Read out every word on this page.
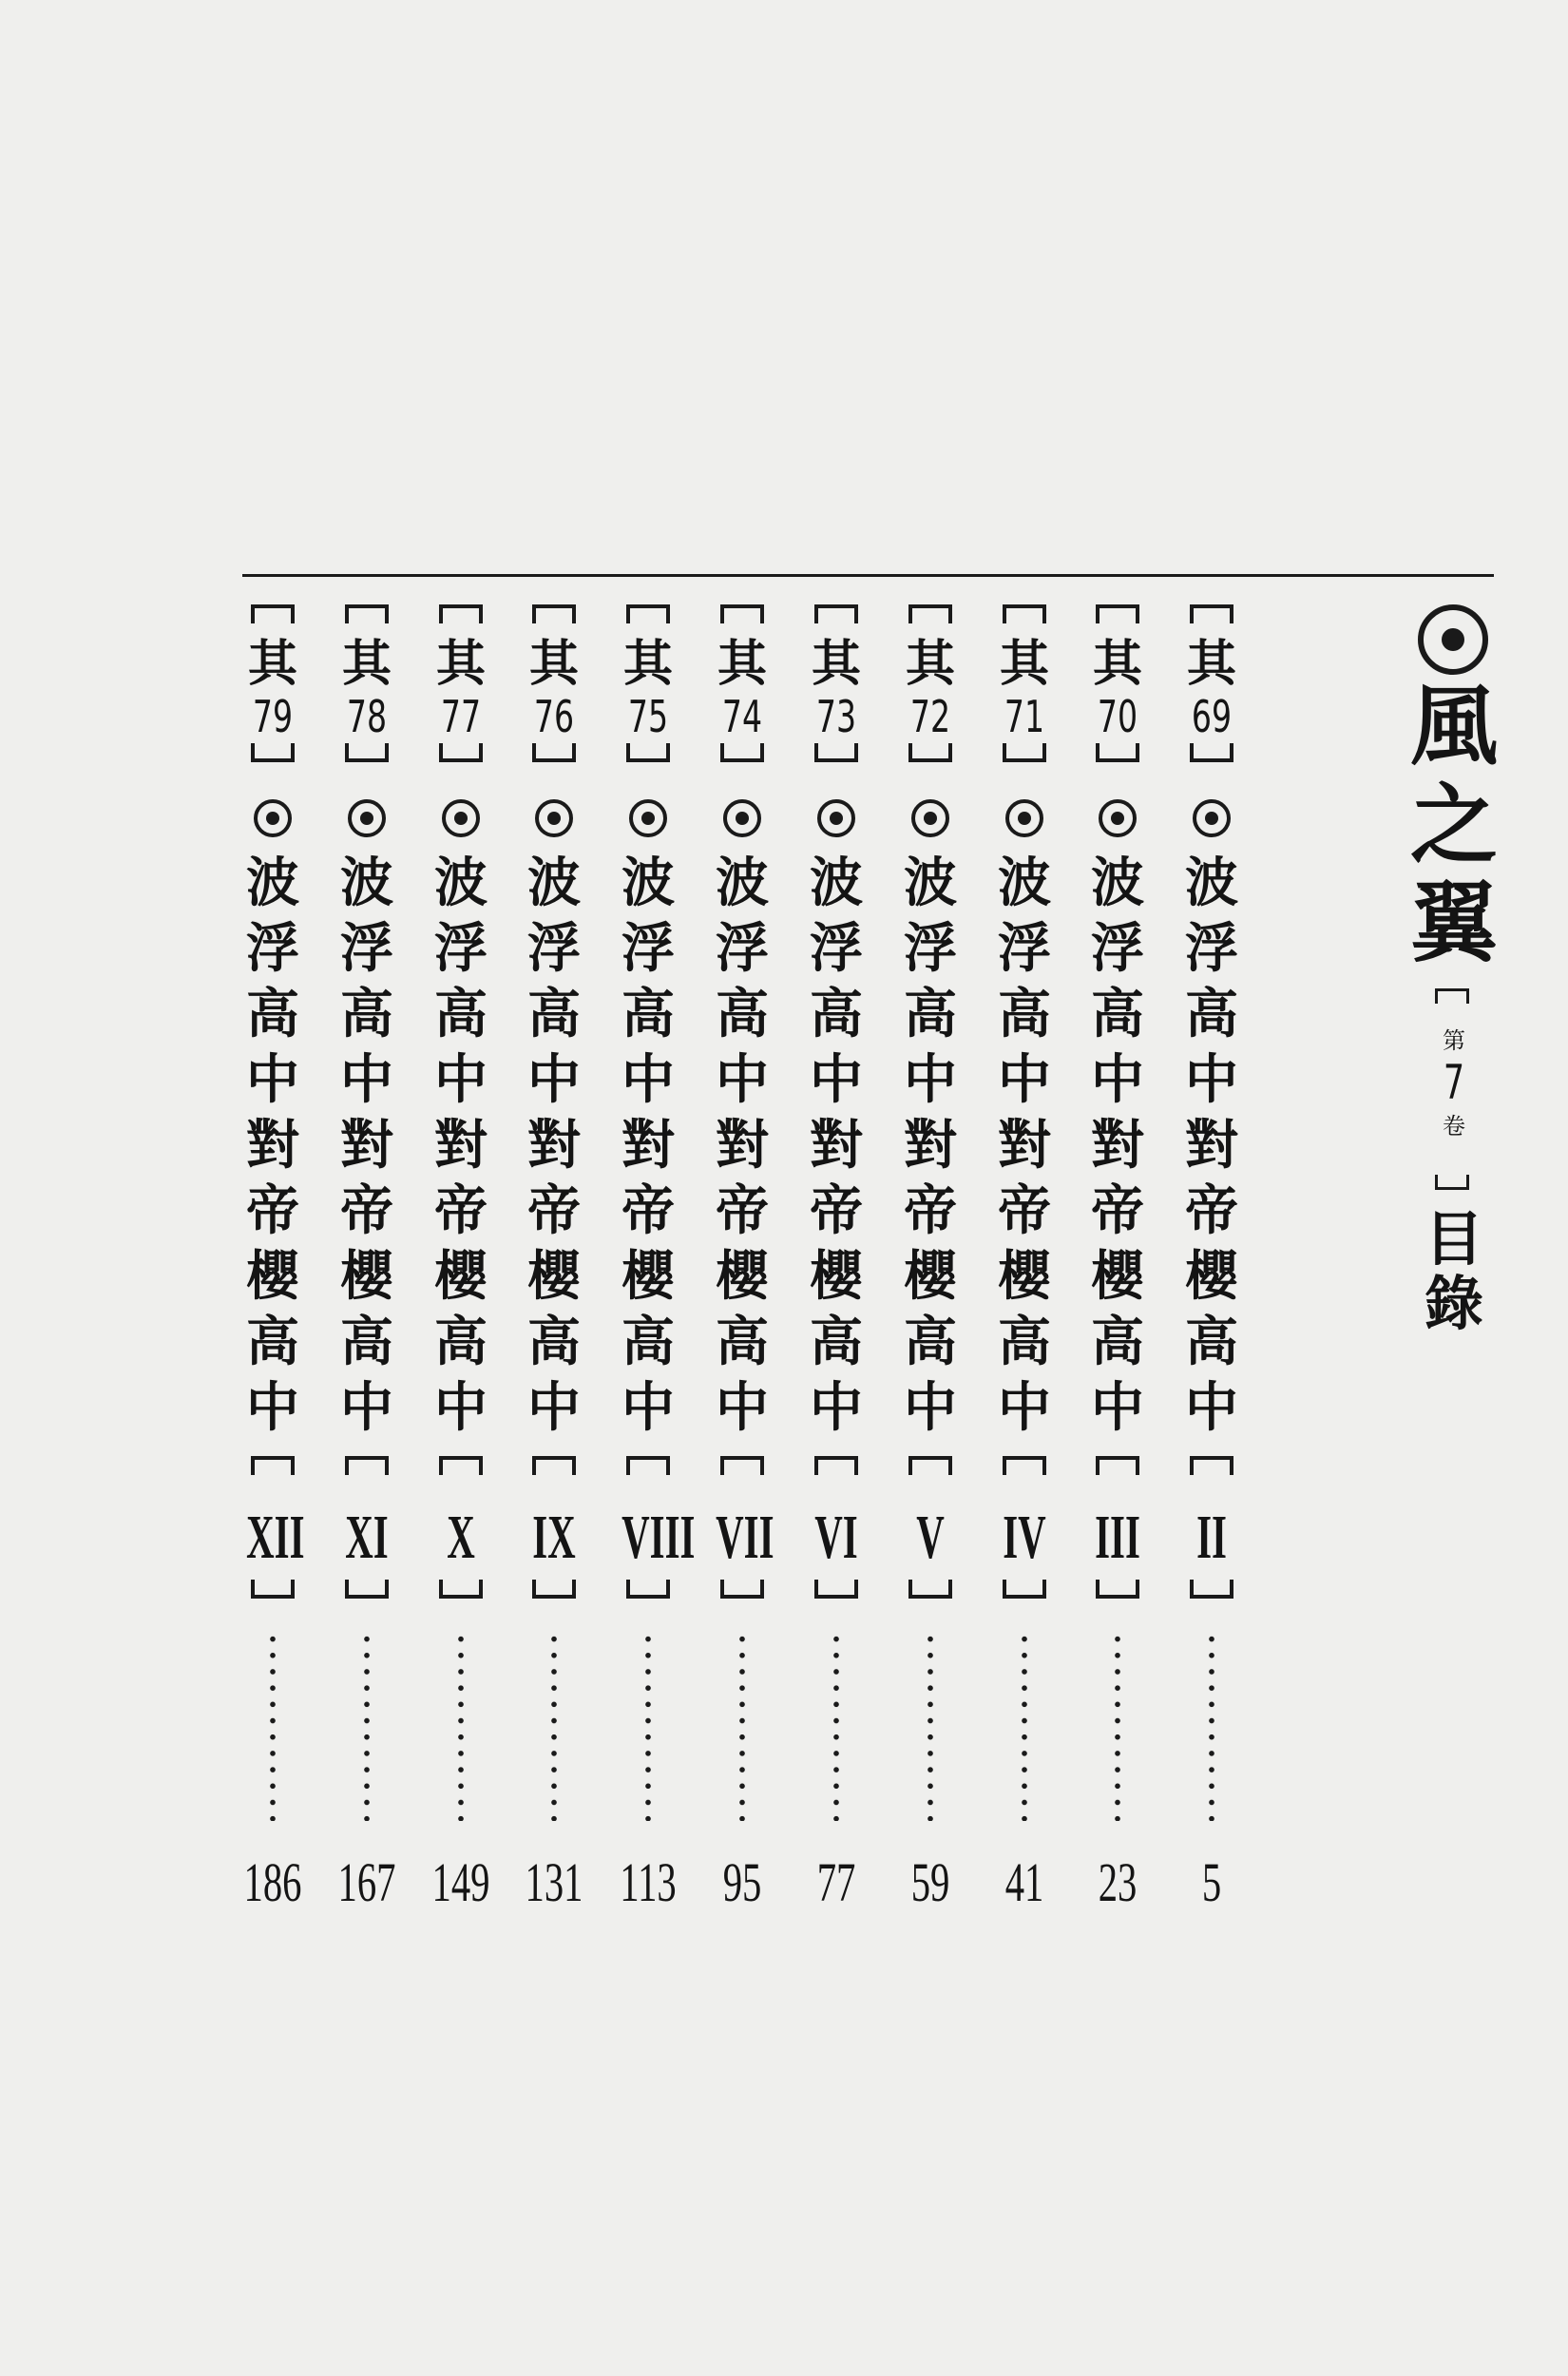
風
之
翼
第
7
卷
目
錄
其
69
波
浮
高
中
對
帝
櫻
高
中
II
5
其
70
波
浮
高
中
對
帝
櫻
高
中
III
23
其
71
波
浮
高
中
對
帝
櫻
高
中
IV
41
其
72
波
浮
高
中
對
帝
櫻
高
中
V
59
其
73
波
浮
高
中
對
帝
櫻
高
中
VI
77
其
74
波
浮
高
中
對
帝
櫻
高
中
VII
95
其
75
波
浮
高
中
對
帝
櫻
高
中
VIII
113
其
76
波
浮
高
中
對
帝
櫻
高
中
IX
131
其
77
波
浮
高
中
對
帝
櫻
高
中
X
149
其
78
波
浮
高
中
對
帝
櫻
高
中
XI
167
其
79
波
浮
高
中
對
帝
櫻
高
中
XII
186
